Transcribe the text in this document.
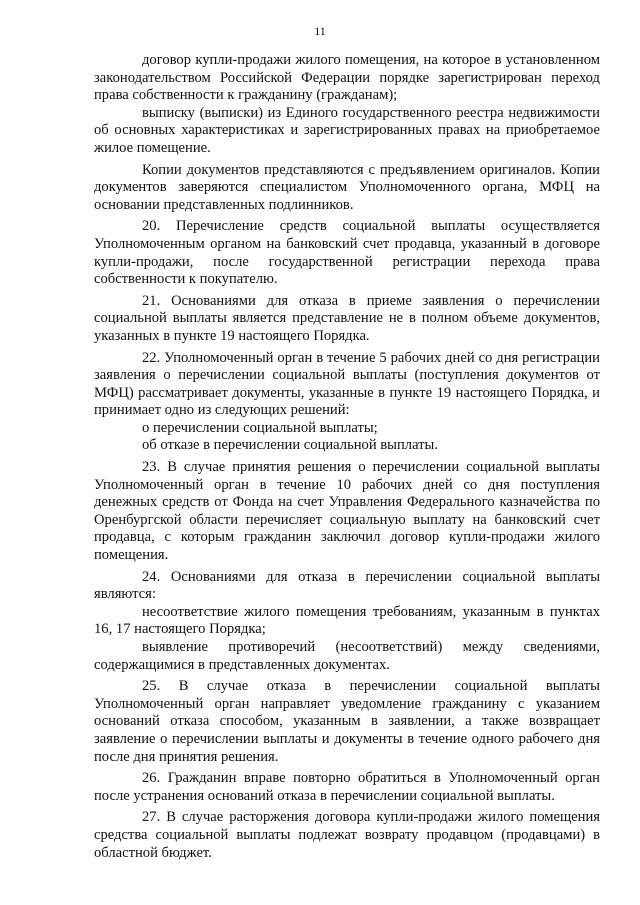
11

договор купли-продажи жилого помещения, на которое в установленном законодательством Российской Федерации порядке зарегистрирован переход права собственности к гражданину (гражданам);

выписку (выписки) из Единого государственного реестра недвижимости об основных характеристиках и зарегистрированных правах на приобретаемое жилое помещение.

Копии документов представляются с предъявлением оригиналов. Копии документов заверяются специалистом Уполномоченного органа, МФЦ на основании представленных подлинников.

20. Перечисление средств социальной выплаты осуществляется Уполномоченным органом на банковский счет продавца, указанный в договоре купли-продажи, после государственной регистрации перехода права собственности к покупателю.

21. Основаниями для отказа в приеме заявления о перечислении социальной выплаты является представление не в полном объеме документов, указанных в пункте 19 настоящего Порядка.

22. Уполномоченный орган в течение 5 рабочих дней со дня регистрации заявления о перечислении социальной выплаты (поступления документов от МФЦ) рассматривает документы, указанные в пункте 19 настоящего Порядка, и принимает одно из следующих решений:

о перечислении социальной выплаты;

об отказе в перечислении социальной выплаты.

23. В случае принятия решения о перечислении социальной выплаты Уполномоченный орган в течение 10 рабочих дней со дня поступления денежных средств от Фонда на счет Управления Федерального казначейства по Оренбургской области перечисляет социальную выплату на банковский счет продавца, с которым гражданин заключил договор купли-продажи жилого помещения.

24. Основаниями для отказа в перечислении социальной выплаты являются:

несоответствие жилого помещения требованиям, указанным в пунктах 16, 17 настоящего Порядка;

выявление противоречий (несоответствий) между сведениями, содержащимися в представленных документах.

25. В случае отказа в перечислении социальной выплаты Уполномоченный орган направляет уведомление гражданину с указанием оснований отказа способом, указанным в заявлении, а также возвращает заявление о перечислении выплаты и документы в течение одного рабочего дня после дня принятия решения.

26. Гражданин вправе повторно обратиться в Уполномоченный орган после устранения оснований отказа в перечислении социальной выплаты.

27. В случае расторжения договора купли-продажи жилого помещения средства социальной выплаты подлежат возврату продавцом (продавцами) в областной бюджет.
